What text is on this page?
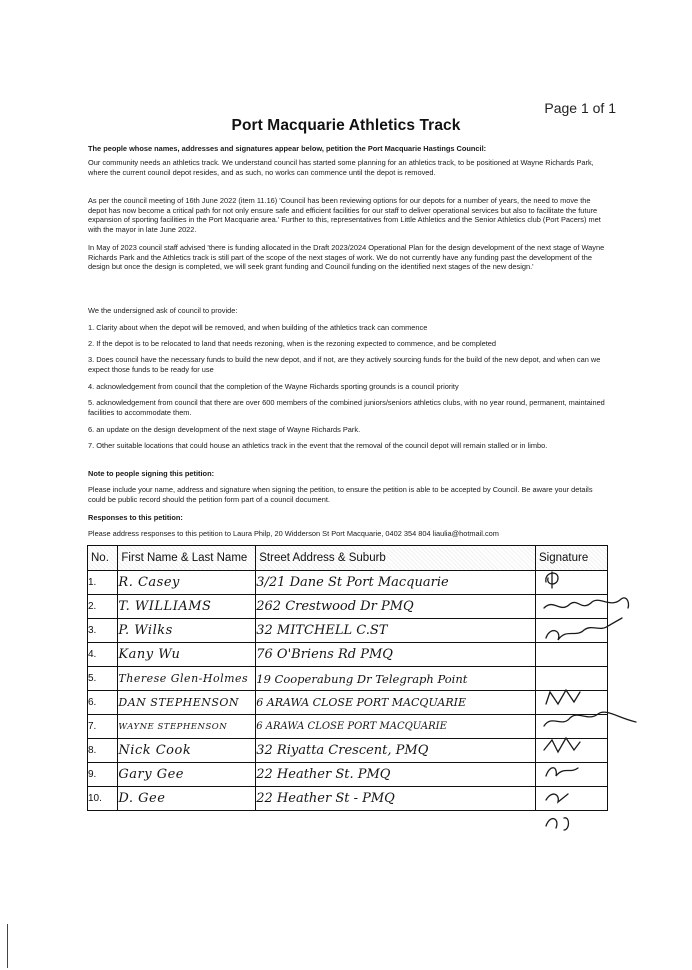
Page 1 of 1
Port Macquarie Athletics Track
The people whose names, addresses and signatures appear below, petition the Port Macquarie Hastings Council:
Our community needs an athletics track. We understand council has started some planning for an athletics track, to be positioned at Wayne Richards Park, where the current council depot resides, and as such, no works can commence until the depot is removed.
As per the council meeting of 16th June 2022 (item 11.16) 'Council has been reviewing options for our depots for a number of years, the need to move the depot has now become a critical path for not only ensure safe and efficient facilities for our staff to deliver operational services but also to facilitate the future expansion of sporting facilities in the Port Macquarie area.' Further to this, representatives from Little Athletics and the Senior Athletics club (Port Pacers) met with the mayor in late June 2022.
In May of 2023 council staff advised 'there is funding allocated in the Draft 2023/2024 Operational Plan for the design development of the next stage of Wayne Richards Park and the Athletics track is still part of the scope of the next stages of work. We do not currently have any funding past the development of the design but once the design is completed, we will seek grant funding and Council funding on the identified next stages of the new design.'
We the undersigned ask of council to provide:
1. Clarity about when the depot will be removed, and when building of the athletics track can commence
2. If the depot is to be relocated to land that needs rezoning, when is the rezoning expected to commence, and be completed
3. Does council have the necessary funds to build the new depot, and if not, are they actively sourcing funds for the build of the new depot, and when can we expect those funds to be ready for use
4. acknowledgement from council that the completion of the Wayne Richards sporting grounds is a council priority
5. acknowledgement from council that there are over 600 members of the combined juniors/seniors athletics clubs, with no year round, permanent, maintained facilities to accommodate them.
6. an update on the design development of the next stage of Wayne Richards Park.
7. Other suitable locations that could house an athletics track in the event that the removal of the council depot will remain stalled or in limbo.
Note to people signing this petition:
Please include your name, address and signature when signing the petition, to ensure the petition is able to be accepted by Council. Be aware your details could be public record should the petition form part of a council document.
Responses to this petition:
Please address responses to this petition to Laura Philp, 20 Widderson St Port Macquarie, 0402 354 804 liaulia@hotmail.com
No.	First Name & Last Name	Street Address & Suburb	Signature
1.	R. Casey	3/21 Dane St Port Macquarie	
2.	T. WILLIAMS	262 Crestwood Dr PMQ	
3.	P. Wilks	32 MITCHELL C.ST	
4.	Kany Wu	76 O'Briens Rd PMQ	
5.	Therese Glen-Holmes	19 Cooperabung Dr Telegraph Point	
6.	DAN STEPHENSON	6 ARAWA CLOSE PORT MACQUARIE	
7.	WAYNE STEPHENSON	6 ARAWA CLOSE PORT MACQUARIE	
8.	Nick Cook	32 Riyatta Crescent, PMQ	
9.	Gary Gee	22 Heather St. PMQ	
10.	D. Gee	22 Heather St - PMQ	
